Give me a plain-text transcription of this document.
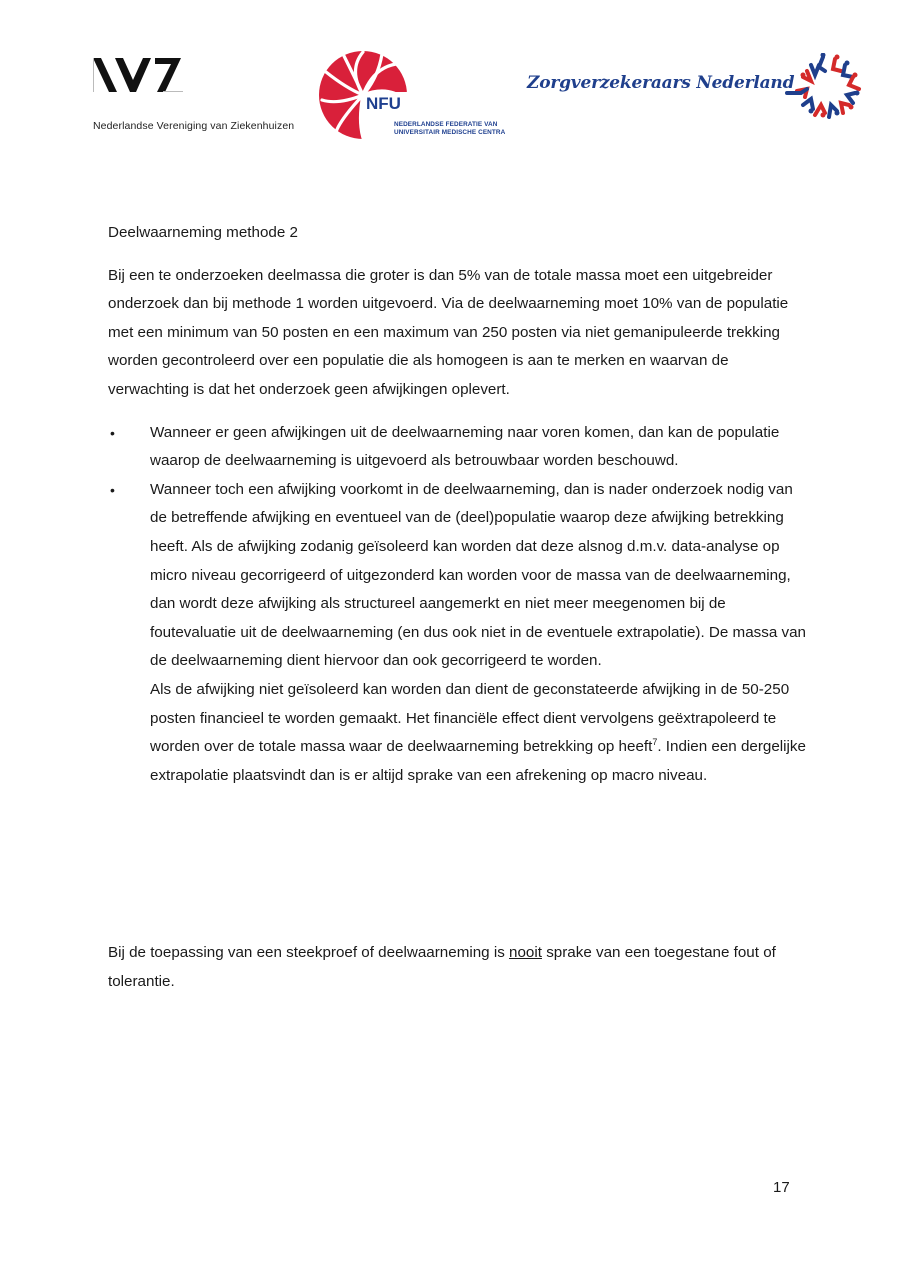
Nederlandse Vereniging van Ziekenhuizen
NFU
NEDERLANDSE FEDERATIE VAN
UNIVERSITAIR MEDISCHE CENTRA
Zorgverzekeraars Nederland

Deelwaarneming methode 2

Bij een te onderzoeken deelmassa die groter is dan 5% van de totale massa moet een uitgebreider onderzoek dan bij methode 1 worden uitgevoerd. Via de deelwaarneming moet 10% van de populatie met een minimum van 50 posten en een maximum van 250 posten via niet gemanipuleerde trekking worden gecontroleerd over een populatie die als homogeen is aan te merken en waarvan de verwachting is dat het onderzoek geen afwijkingen oplevert.

• Wanneer er geen afwijkingen uit de deelwaarneming naar voren komen, dan kan de populatie waarop de deelwaarneming is uitgevoerd als betrouwbaar worden beschouwd.

• Wanneer toch een afwijking voorkomt in de deelwaarneming, dan is nader onderzoek nodig van de betreffende afwijking en eventueel van de (deel)populatie waarop deze afwijking betrekking heeft. Als de afwijking zodanig geïsoleerd kan worden dat deze alsnog d.m.v. data-analyse op micro niveau gecorrigeerd of uitgezonderd kan worden voor de massa van de deelwaarneming, dan wordt deze afwijking als structureel aangemerkt en niet meer meegenomen bij de foutevaluatie uit de deelwaarneming (en dus ook niet in de eventuele extrapolatie). De massa van de deelwaarneming dient hiervoor dan ook gecorrigeerd te worden.

Als de afwijking niet geïsoleerd kan worden dan dient de geconstateerde afwijking in de 50-250 posten financieel te worden gemaakt. Het financiële effect dient vervolgens geëxtrapoleerd te worden over de totale massa waar de deelwaarneming betrekking op heeft$^7$. Indien een dergelijke extrapolatie plaatsvindt dan is er altijd sprake van een afrekening op macro niveau.

Bij de toepassing van een steekproef of deelwaarneming is nooit sprake van een toegestane fout of tolerantie.

17
